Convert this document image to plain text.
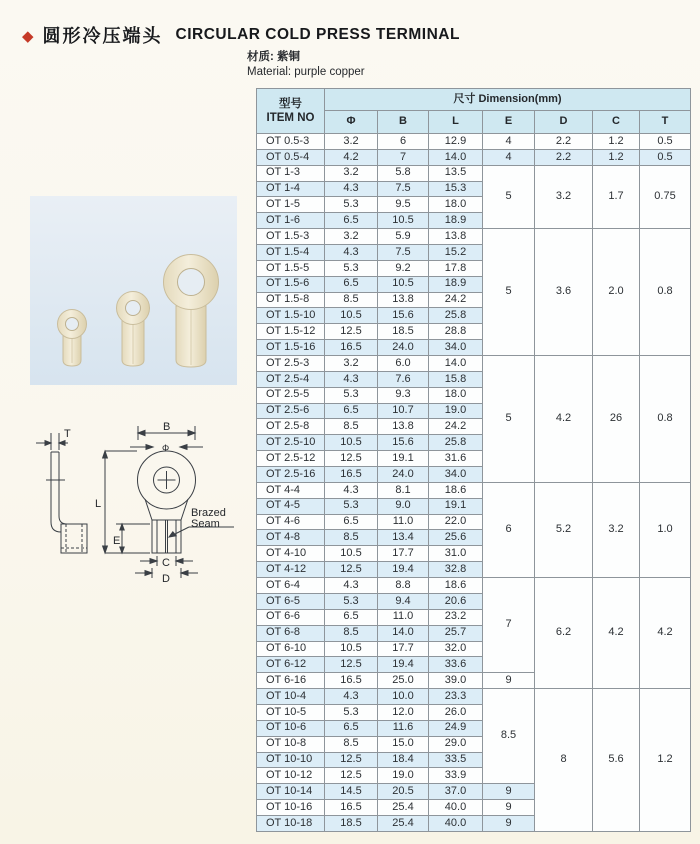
◆ 圆形冷压端头 CIRCULAR COLD PRESS TERMINAL
材质: 紫铜
Material: purple copper
T
B
Φ
L
E
C
D
Brazed
Seam
型号
ITEM NO	尺寸 Dimension(mm)						
	Φ	B	L	E	D	C	T
OT 0.5-3	3.2	6	12.9	4	2.2	1.2	0.5
OT 0.5-4	4.2	7	14.0	4	2.2	1.2	0.5
OT 1-3	3.2	5.8	13.5	5	3.2	1.7	0.75
OT 1-4	4.3	7.5	15.3				
OT 1-5	5.3	9.5	18.0				
OT 1-6	6.5	10.5	18.9				
OT 1.5-3	3.2	5.9	13.8	5	3.6	2.0	0.8
OT 1.5-4	4.3	7.5	15.2				
OT 1.5-5	5.3	9.2	17.8				
OT 1.5-6	6.5	10.5	18.9				
OT 1.5-8	8.5	13.8	24.2				
OT 1.5-10	10.5	15.6	25.8				
OT 1.5-12	12.5	18.5	28.8				
OT 1.5-16	16.5	24.0	34.0				
OT 2.5-3	3.2	6.0	14.0	5	4.2	26	0.8
OT 2.5-4	4.3	7.6	15.8				
OT 2.5-5	5.3	9.3	18.0				
OT 2.5-6	6.5	10.7	19.0				
OT 2.5-8	8.5	13.8	24.2				
OT 2.5-10	10.5	15.6	25.8				
OT 2.5-12	12.5	19.1	31.6				
OT 2.5-16	16.5	24.0	34.0				
OT 4-4	4.3	8.1	18.6	6	5.2	3.2	1.0
OT 4-5	5.3	9.0	19.1				
OT 4-6	6.5	11.0	22.0				
OT 4-8	8.5	13.4	25.6				
OT 4-10	10.5	17.7	31.0				
OT 4-12	12.5	19.4	32.8				
OT 6-4	4.3	8.8	18.6	7	6.2	4.2	4.2
OT 6-5	5.3	9.4	20.6				
OT 6-6	6.5	11.0	23.2				
OT 6-8	8.5	14.0	25.7				
OT 6-10	10.5	17.7	32.0				
OT 6-12	12.5	19.4	33.6				
OT 6-16	16.5	25.0	39.0	9			
OT 10-4	4.3	10.0	23.3	8.5	8	5.6	1.2
OT 10-5	5.3	12.0	26.0				
OT 10-6	6.5	11.6	24.9				
OT 10-8	8.5	15.0	29.0				
OT 10-10	12.5	18.4	33.5				
OT 10-12	12.5	19.0	33.9				
OT 10-14	14.5	20.5	37.0	9			
OT 10-16	16.5	25.4	40.0	9			
OT 10-18	18.5	25.4	40.0	9			
